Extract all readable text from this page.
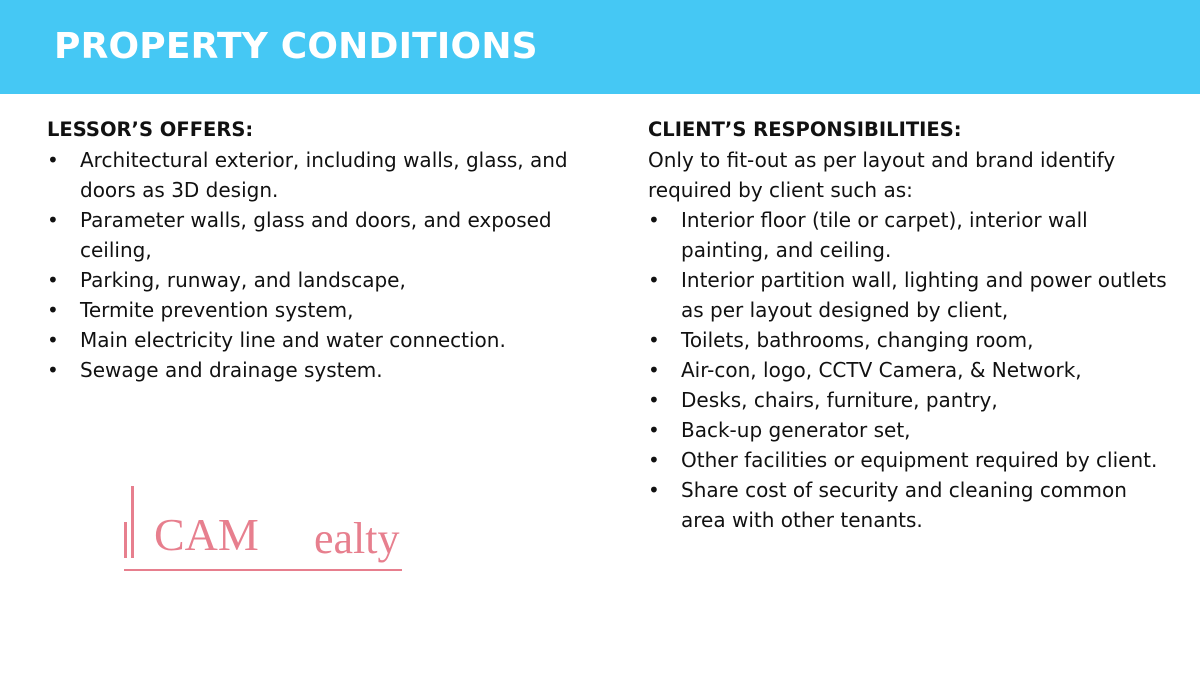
PROPERTY CONDITIONS

LESSOR’S OFFERS:

• Architectural exterior, including walls, glass, and doors as 3D design.
• Parameter walls, glass and doors, and exposed ceiling,
• Parking, runway, and landscape,
• Termite prevention system,
• Main electricity line and water connection.
• Sewage and drainage system.

CLIENT’S RESPONSIBILITIES:

Only to fit-out as per layout and brand identify required by client such as:

• Interior floor (tile or carpet), interior wall painting, and ceiling.
• Interior partition wall, lighting and power outlets as per layout designed by client,
• Toilets, bathrooms, changing room,
• Air-con, logo, CCTV Camera, & Network,
• Desks, chairs, furniture, pantry,
• Back-up generator set,
• Other facilities or equipment required by client.
• Share cost of security and cleaning common area with other tenants.
CAM ealty
